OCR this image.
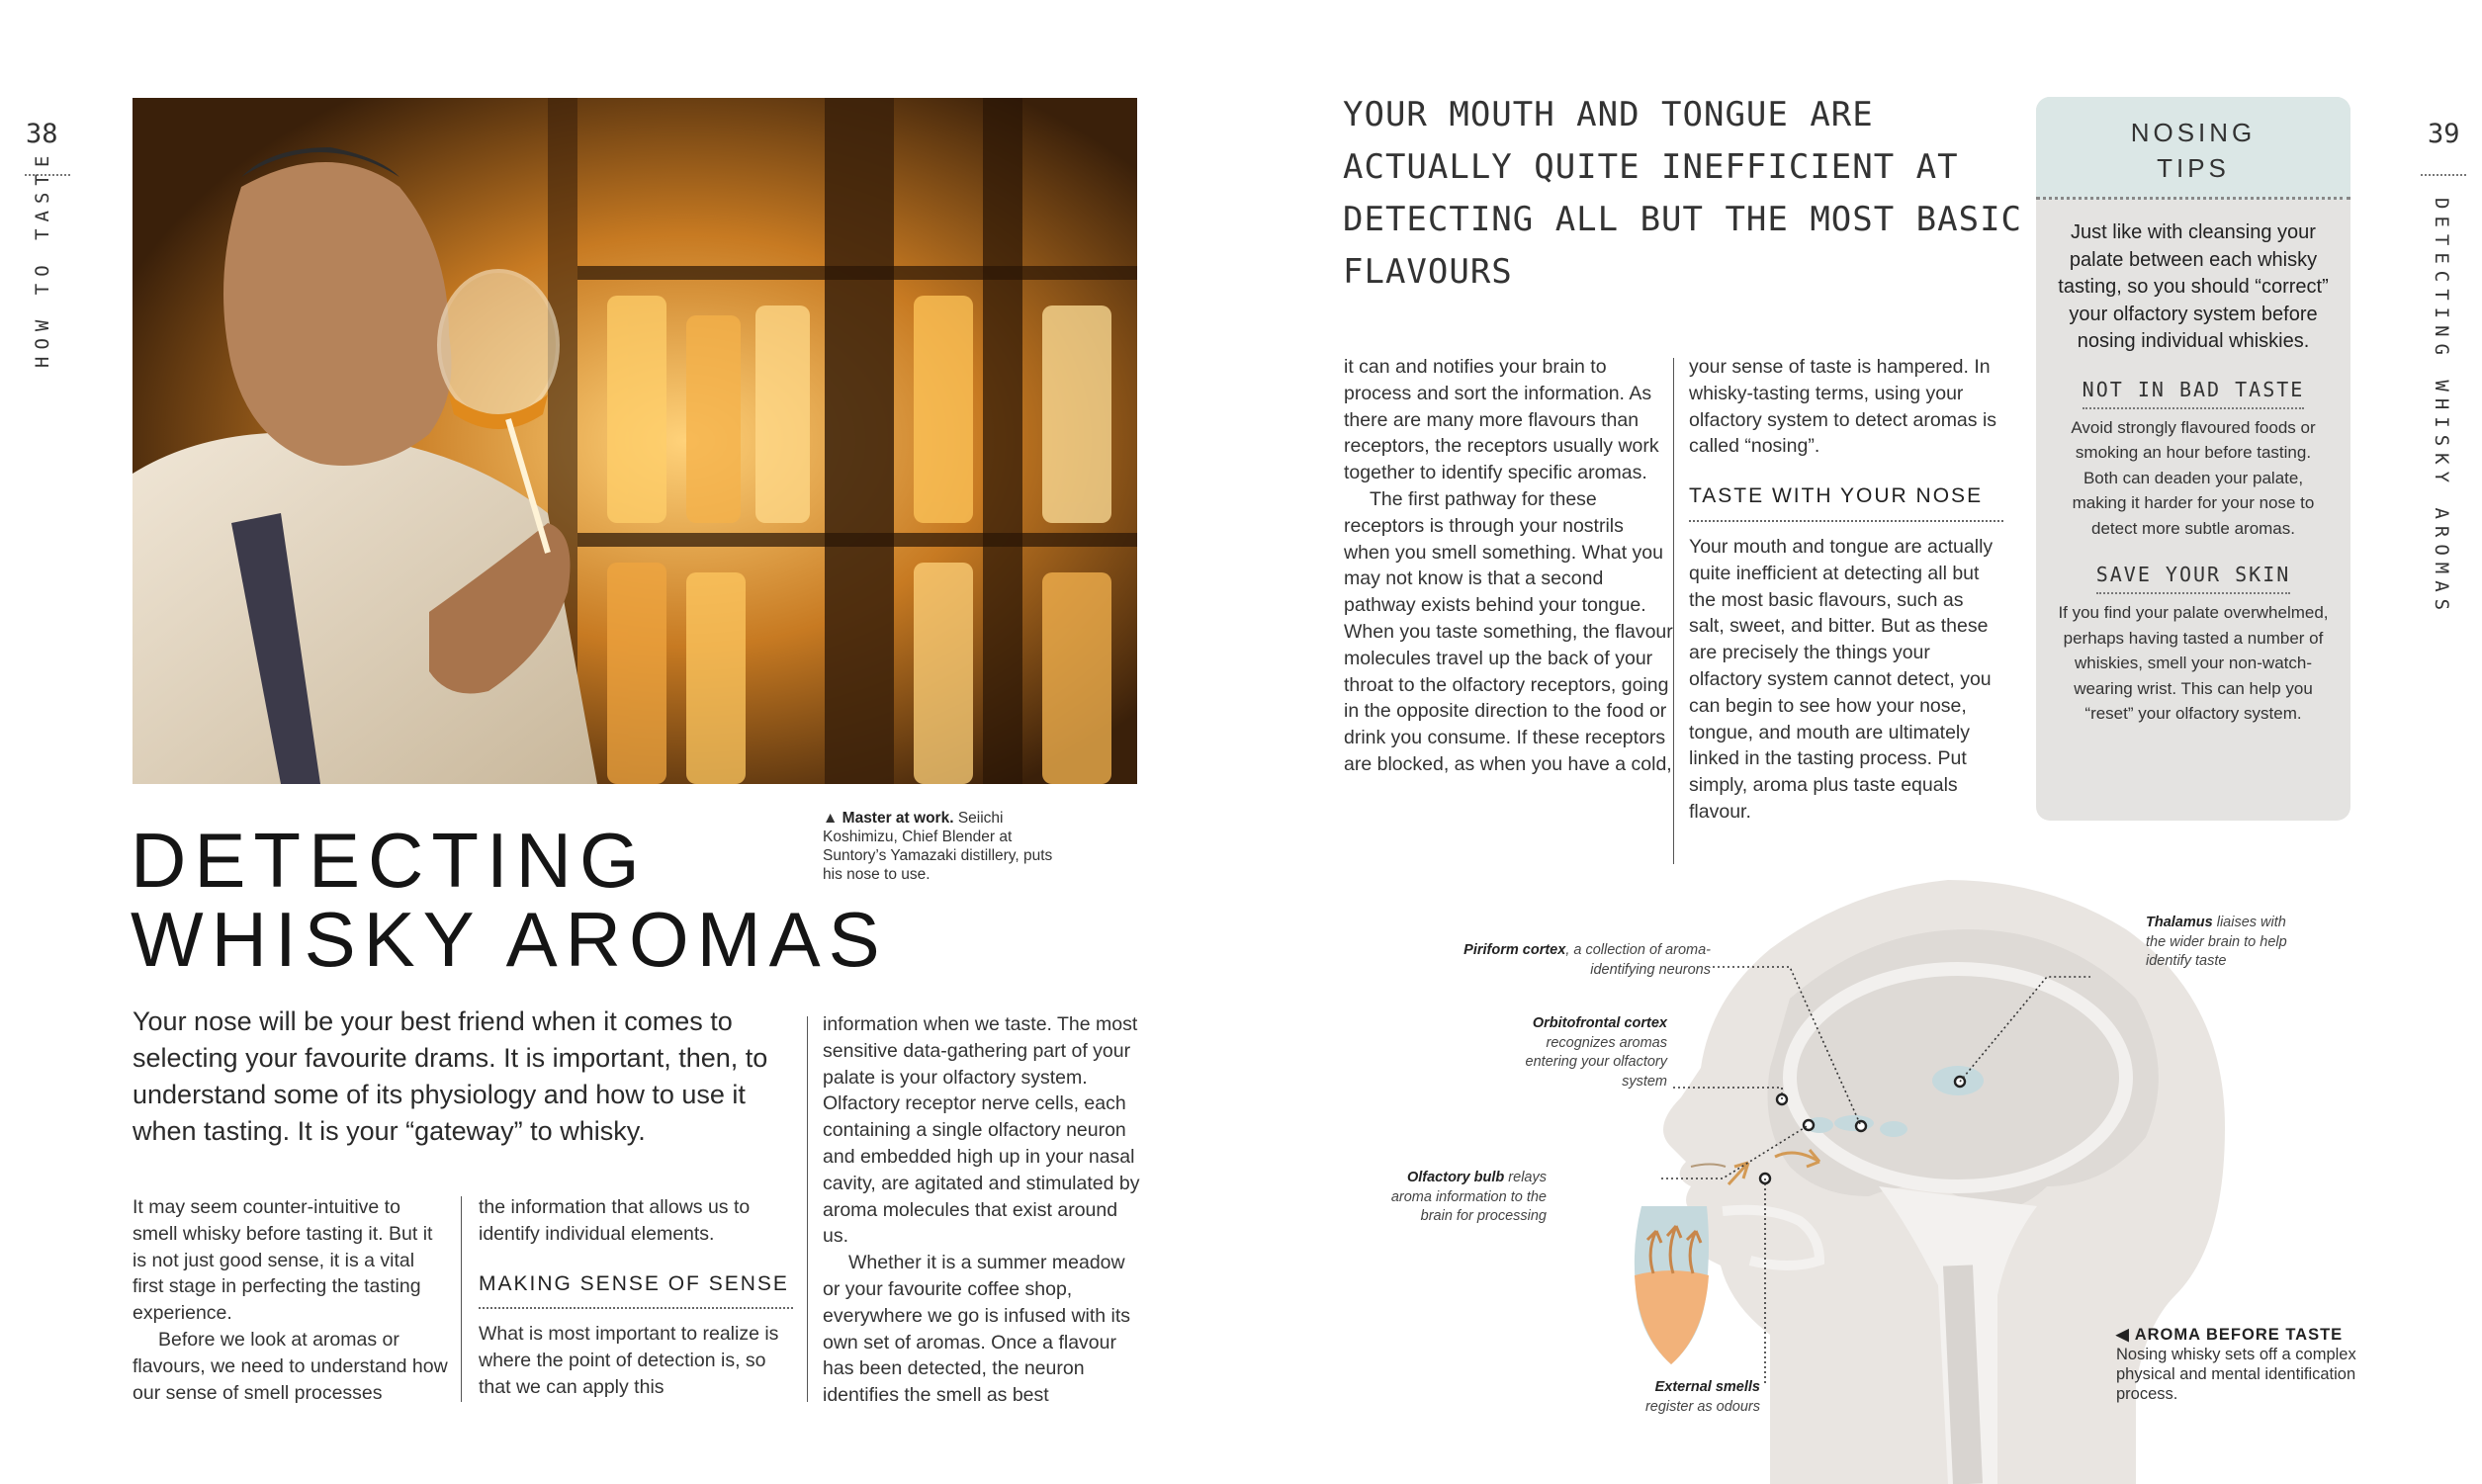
38
HOW TO TASTE
▲ Master at work. Seiichi Koshimizu, Chief Blender at Suntory’s Yamazaki distillery, puts his nose to use.
DETECTING
WHISKY AROMAS
Your nose will be your best friend when it comes to selecting your favourite drams. It is important, then, to understand some of its physiology and how to use it when tasting. It is your “gateway” to whisky.

It may seem counter-intuitive to smell whisky before tasting it. But it is not just good sense, it is a vital first stage in perfecting the tasting experience.

Before we look at aromas or flavours, we need to understand how our sense of smell processes

the information that allows us to identify individual elements.

MAKING SENSE OF SENSE

What is most important to realize is where the point of detection is, so that we can apply this

information when we taste. The most sensitive data-gathering part of your palate is your olfactory system. Olfactory receptor nerve cells, each containing a single olfactory neuron and embedded high up in your nasal cavity, are agitated and stimulated by aroma molecules that exist around us.

Whether it is a summer meadow or your favourite coffee shop, everywhere we go is infused with its own set of aromas. Once a flavour has been detected, the neuron identifies the smell as best

YOUR MOUTH AND TONGUE ARE ACTUALLY QUITE INEFFICIENT AT DETECTING ALL BUT THE MOST BASIC FLAVOURS

it can and notifies your brain to process and sort the information. As there are many more flavours than receptors, the receptors usually work together to identify specific aromas.

The first pathway for these receptors is through your nostrils when you smell something. What you may not know is that a second pathway exists behind your tongue. When you taste something, the flavour molecules travel up the back of your throat to the olfactory receptors, going in the opposite direction to the food or drink you consume. If these receptors are blocked, as when you have a cold,

your sense of taste is hampered. In whisky-tasting terms, using your olfactory system to detect aromas is called “nosing”.

TASTE WITH YOUR NOSE

Your mouth and tongue are actually quite inefficient at detecting all but the most basic flavours, such as salt, sweet, and bitter. But as these are precisely the things your olfactory system cannot detect, you can begin to see how your nose, tongue, and mouth are ultimately linked in the tasting process. Put simply, aroma plus taste equals flavour.

NOSING
TIPS
Just like with cleansing your palate between each whisky tasting, so you should “correct” your olfactory system before nosing individual whiskies.
NOT IN BAD TASTE
Avoid strongly flavoured foods or smoking an hour before tasting. Both can deaden your palate, making it harder for your nose to detect more subtle aromas.
SAVE YOUR SKIN
If you find your palate overwhelmed, perhaps having tasted a number of whiskies, smell your non-watch-wearing wrist. This can help you “reset” your olfactory system.
39
DETECTING WHISKY AROMAS
Piriform cortex, a collection of aroma-identifying neurons
Orbitofrontal cortex
recognizes aromas entering your olfactory system
Olfactory bulb relays aroma information to the brain for processing
Thalamus liaises with the wider brain to help identify taste
External smells
register as odours
◀ AROMA BEFORE TASTE
Nosing whisky sets off a complex physical and mental identification process.
